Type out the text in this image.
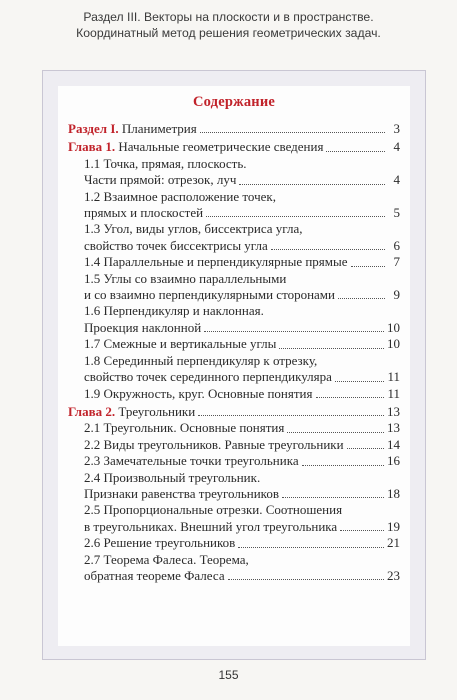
Раздел III. Векторы на плоскости и в пространстве.
Координатный метод решения геометрических задач.
Содержание
Раздел I. Планиметрия	3
Глава 1. Начальные геометрические сведения	4
1.1 Точка, прямая, плоскость.
Части прямой: отрезок, луч	4
1.2 Взаимное расположение точек,
прямых и плоскостей	5
1.3 Угол, виды углов, биссектриса угла,
свойство точек биссектрисы угла	6
1.4 Параллельные и перпендикулярные прямые	7
1.5 Углы со взаимно параллельными
и со взаимно перпендикулярными сторонами	9
1.6 Перпендикуляр и наклонная.
Проекция наклонной	10
1.7 Смежные и вертикальные углы	10
1.8 Серединный перпендикуляр к отрезку,
свойство точек серединного перпендикуляра	11
1.9 Окружность, круг. Основные понятия	11
Глава 2. Треугольники	13
2.1 Треугольник. Основные понятия	13
2.2 Виды треугольников. Равные треугольники	14
2.3 Замечательные точки треугольника	16
2.4 Произвольный треугольник.
Признаки равенства треугольников	18
2.5 Пропорциональные отрезки. Соотношения
в треугольниках. Внешний угол треугольника	19
2.6 Решение треугольников	21
2.7 Теорема Фалеса. Теорема,
обратная теореме Фалеса	23
155
